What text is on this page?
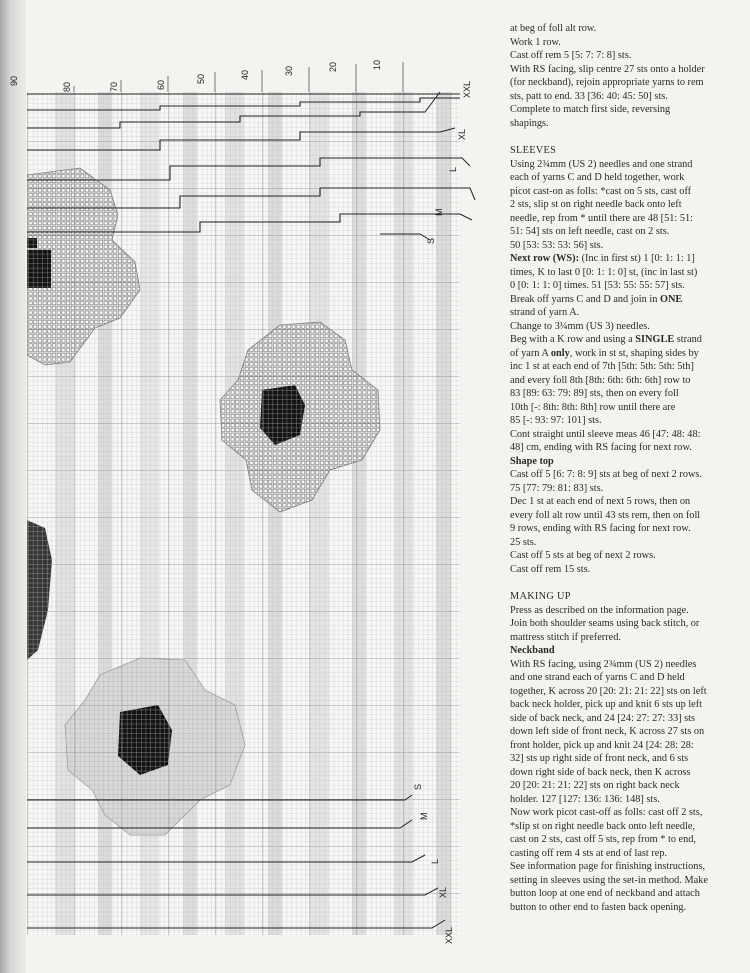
90
80	70	60
50	40	30	20	10
XXL
XL
L
M
S
S
M
L
XL
XXL

at beg of foll alt row.

Work 1 row.

Cast off rem 5 [5: 7: 7: 8] sts.

With RS facing, slip centre 27 sts onto a holder

(for neckband), rejoin appropriate yarns to rem

sts, patt to end. 33 [36: 40: 45: 50] sts.

Complete to match first side, reversing

shapings.

SLEEVES

Using 2¾mm (US 2) needles and one strand

each of yarns C and D held together, work

picot cast-on as folls: *cast on 5 sts, cast off

2 sts, slip st on right needle back onto left

needle, rep from * until there are 48 [51: 51:

51: 54] sts on left needle, cast on 2 sts.

50 [53: 53: 53: 56] sts.

Next row (WS): (Inc in first st) 1 [0: 1: 1: 1]

times, K to last 0 [0: 1: 1: 0] st, (inc in last st)

0 [0: 1: 1: 0] times. 51 [53: 55: 55: 57] sts.

Break off yarns C and D and join in ONE

strand of yarn A.

Change to 3¼mm (US 3) needles.

Beg with a K row and using a SINGLE strand

of yarn A only, work in st st, shaping sides by

inc 1 st at each end of 7th [5th: 5th: 5th: 5th]

and every foll 8th [8th: 6th: 6th: 6th] row to

83 [89: 63: 79: 89] sts, then on every foll

10th [-: 8th: 8th: 8th] row until there are

85 [-: 93: 97: 101] sts.

Cont straight until sleeve meas 46 [47: 48: 48:

48] cm, ending with RS facing for next row.

Shape top

Cast off 5 [6: 7: 8: 9] sts at beg of next 2 rows.

75 [77: 79: 81: 83] sts.

Dec 1 st at each end of next 5 rows, then on

every foll alt row until 43 sts rem, then on foll

9 rows, ending with RS facing for next row.

25 sts.

Cast off 5 sts at beg of next 2 rows.

Cast off rem 15 sts.

MAKING UP

Press as described on the information page.

Join both shoulder seams using back stitch, or

mattress stitch if preferred.

Neckband

With RS facing, using 2¾mm (US 2) needles

and one strand each of yarns C and D held

together, K across 20 [20: 21: 21: 22] sts on left

back neck holder, pick up and knit 6 sts up left

side of back neck, and 24 [24: 27: 27: 33] sts

down left side of front neck, K across 27 sts on

front holder, pick up and knit 24 [24: 28: 28:

32] sts up right side of front neck, and 6 sts

down right side of back neck, then K across

20 [20: 21: 21: 22] sts on right back neck

holder. 127 [127: 136: 136: 148] sts.

Now work picot cast-off as folls: cast off 2 sts,

*slip st on right needle back onto left needle,

cast on 2 sts, cast off 5 sts, rep from * to end,

casting off rem 4 sts at end of last rep.

See information page for finishing instructions,

setting in sleeves using the set-in method. Make

button loop at one end of neckband and attach

button to other end to fasten back opening.
